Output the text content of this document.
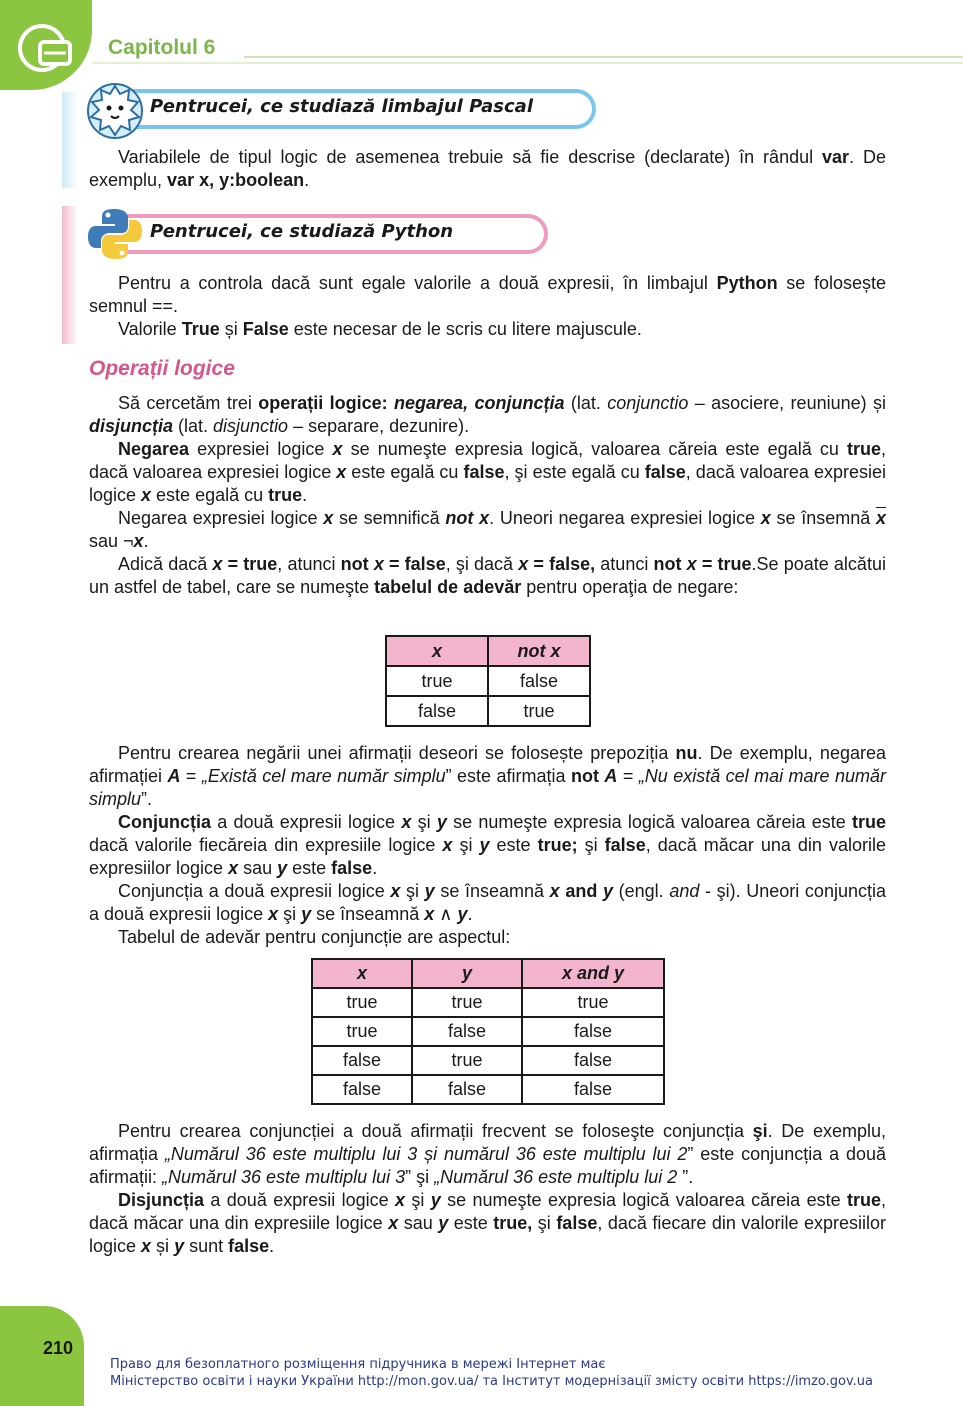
Capitolul 6
Pentrucei, ce studiază limbajul Pascal

Variabilele de tipul logic de asemenea trebuie să fie descrise (declarate) în rândul var. De exemplu, var x, y:boolean.

Pentrucei, ce studiază Python

Pentru a controla dacă sunt egale valorile a două expresii, în limbajul Python se folosește semnul ==.

Valorile True și False este necesar de le scris cu litere majuscule.

Operații logice

Să cercetăm trei operații logice: negarea, conjuncția (lat. conjunctio – asociere, reuniune) și disjuncția (lat. disjunctio – separare, dezunire).

Negarea expresiei logice x se numeşte expresia logică, valoarea căreia este egală cu true, dacă valoarea expresiei logice x este egală cu false, şi este egală cu false, dacă valoarea expresiei logice x este egală cu true.

Negarea expresiei logice x se semnifică not x. Uneori negarea expresiei logice x se însemnă $\overline{x}$ sau ¬x.

Adică dacă x = true, atunci not x = false, şi dacă x = false, atunci not x = true.Se poate alcătui un astfel de tabel, care se numeşte tabelul de adevăr pentru operaţia de negare:

x	not x
true	false
false	true

Pentru crearea negării unei afirmații deseori se folosește prepoziția nu. De exemplu, negarea afirmației A = „Există cel mare număr simplu” este afirmația not A = „Nu există cel mai mare număr simplu”.

Conjuncția a două expresii logice x şi y se numeşte expresia logică valoarea căreia este true dacă valorile fiecăreia din expresiile logice x şi y este true; şi false, dacă măcar una din valorile expresiilor logice x sau y este false.

Conjuncția a două expresii logice x şi y se înseamnă x and y (engl. and - şi). Uneori conjuncția a două expresii logice x şi y se înseamnă x ∧ y.

Tabelul de adevăr pentru conjuncție are aspectul:

x	y	x and y
true	true	true
true	false	false
false	true	false
false	false	false

Pentru crearea conjuncției a două afirmații frecvent se foloseşte conjuncția şi. De exemplu, afirmația „Numărul 36 este multiplu lui 3 și numărul 36 este multiplu lui 2” este conjuncția a două afirmații: „Numărul 36 este multiplu lui 3” şi „Numărul 36 este multiplu lui 2 ”.

Disjuncția a două expresii logice x şi y se numeşte expresia logică valoarea căreia este true, dacă măcar una din expresiile logice x sau y este true, şi false, dacă fiecare din valorile expresiilor logice x și y sunt false.

210
Право для безоплатного розміщення підручника в мережі Інтернет має
Міністерство освіти і науки України http://mon.gov.ua/ та Інститут модернізації змісту освіти https://imzo.gov.ua
